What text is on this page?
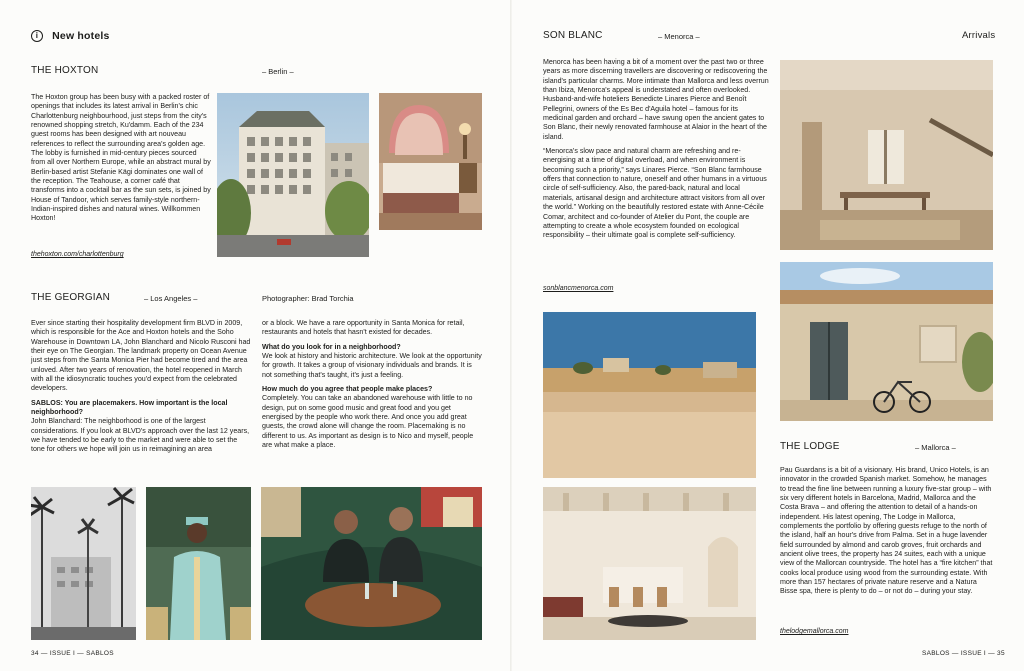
i New hotels
THE HOXTON	– Berlin –
The Hoxton group has been busy with a packed roster of openings that includes its latest arrival in Berlin's chic Charlottenburg neighbourhood, just steps from the city's renowned shopping stretch, Ku'damm. Each of the 234 guest rooms has been designed with art nouveau references to reflect the surrounding area's golden age. The lobby is furnished in mid-century pieces sourced from all over Northern Europe, while an abstract mural by Berlin-based artist Stefanie Kägi dominates one wall of the reception. The Teahouse, a corner café that transforms into a cocktail bar as the sun sets, is joined by House of Tandoor, which serves family-style northern-Indian-inspired dishes and natural wines. Willkommen Hoxton!
thehoxton.com/charlottenburg
THE GEORGIAN	– Los Angeles –	Photographer: Brad Torchia

Ever since starting their hospitality development firm BLVD in 2009, which is responsible for the Ace and Hoxton hotels and the Soho Warehouse in Downtown LA, John Blanchard and Nicolo Rusconi had their eye on The Georgian. The landmark property on Ocean Avenue just steps from the Santa Monica Pier had become tired and the area unloved. After two years of renovation, the hotel reopened in March with all the idiosyncratic touches you'd expect from the celebrated developers.

SABLOS: You are placemakers. How important is the local neighborhood?

John Blanchard: The neighborhood is one of the largest considerations. If you look at BLVD's approach over the last 12 years, we have tended to be early to the market and were able to set the tone for others we hope will join us in reimagining an area

or a block. We have a rare opportunity in Santa Monica for retail, restaurants and hotels that hasn't existed for decades.

What do you look for in a neighborhood?

We look at history and historic architecture. We look at the opportunity for growth. It takes a group of visionary individuals and brands. It is not something that's taught, it's just a feeling.

How much do you agree that people make places?

Completely. You can take an abandoned warehouse with little to no design, put on some good music and great food and you get energised by the people who work there. And once you add great guests, the crowd alone will change the room. Placemaking is no different to us. As important as design is to Nico and myself, people are what make a place.

34 — ISSUE I — SABLOS
SON BLANC	– Menorca –	Arrivals

Menorca has been having a bit of a moment over the past two or three years as more discerning travellers are discovering or rediscovering the island's particular charms. More intimate than Mallorca and less overrun than Ibiza, Menorca's appeal is understated and often overlooked. Husband-and-wife hoteliers Benedicte Linares Pierce and Benoît Pellegrini, owners of the Es Bec d'Aguila hotel – famous for its medicinal garden and orchard – have swung open the ancient gates to Son Blanc, their newly renovated farmhouse at Alaior in the heart of the island.

“Menorca's slow pace and natural charm are refreshing and re-energising at a time of digital overload, and when environment is becoming such a priority,” says Linares Pierce. “Son Blanc farmhouse offers that connection to nature, oneself and other humans in a virtuous circle of self-sufficiency. Also, the pared-back, natural and local materials, artisanal design and architecture attract visitors from all over the world.” Working on the beautifully restored estate with Anne-Cécile Comar, architect and co-founder of Atelier du Pont, the couple are attempting to create a whole ecosystem founded on ecological responsibility – their ultimate goal is complete self-sufficiency.

sonblancmenorca.com
THE LODGE	– Mallorca –
Pau Guardans is a bit of a visionary. His brand, Unico Hotels, is an innovator in the crowded Spanish market. Somehow, he manages to tread the fine line between running a luxury five-star group – with six very different hotels in Barcelona, Madrid, Mallorca and the Costa Brava – and offering the attention to detail of a hands-on independent. His latest opening, The Lodge in Mallorca, complements the portfolio by offering guests refuge to the north of the island, half an hour's drive from Palma. Set in a huge lavender field surrounded by almond and carob groves, fruit orchards and ancient olive trees, the property has 24 suites, each with a unique view of the Mallorcan countryside. The hotel has a “fire kitchen” that cooks local produce using wood from the surrounding estate. With more than 157 hectares of private nature reserve and a Natura Bisse spa, there is plenty to do – or not do – during your stay.
thelodgemallorca.com
SABLOS — ISSUE I — 35
